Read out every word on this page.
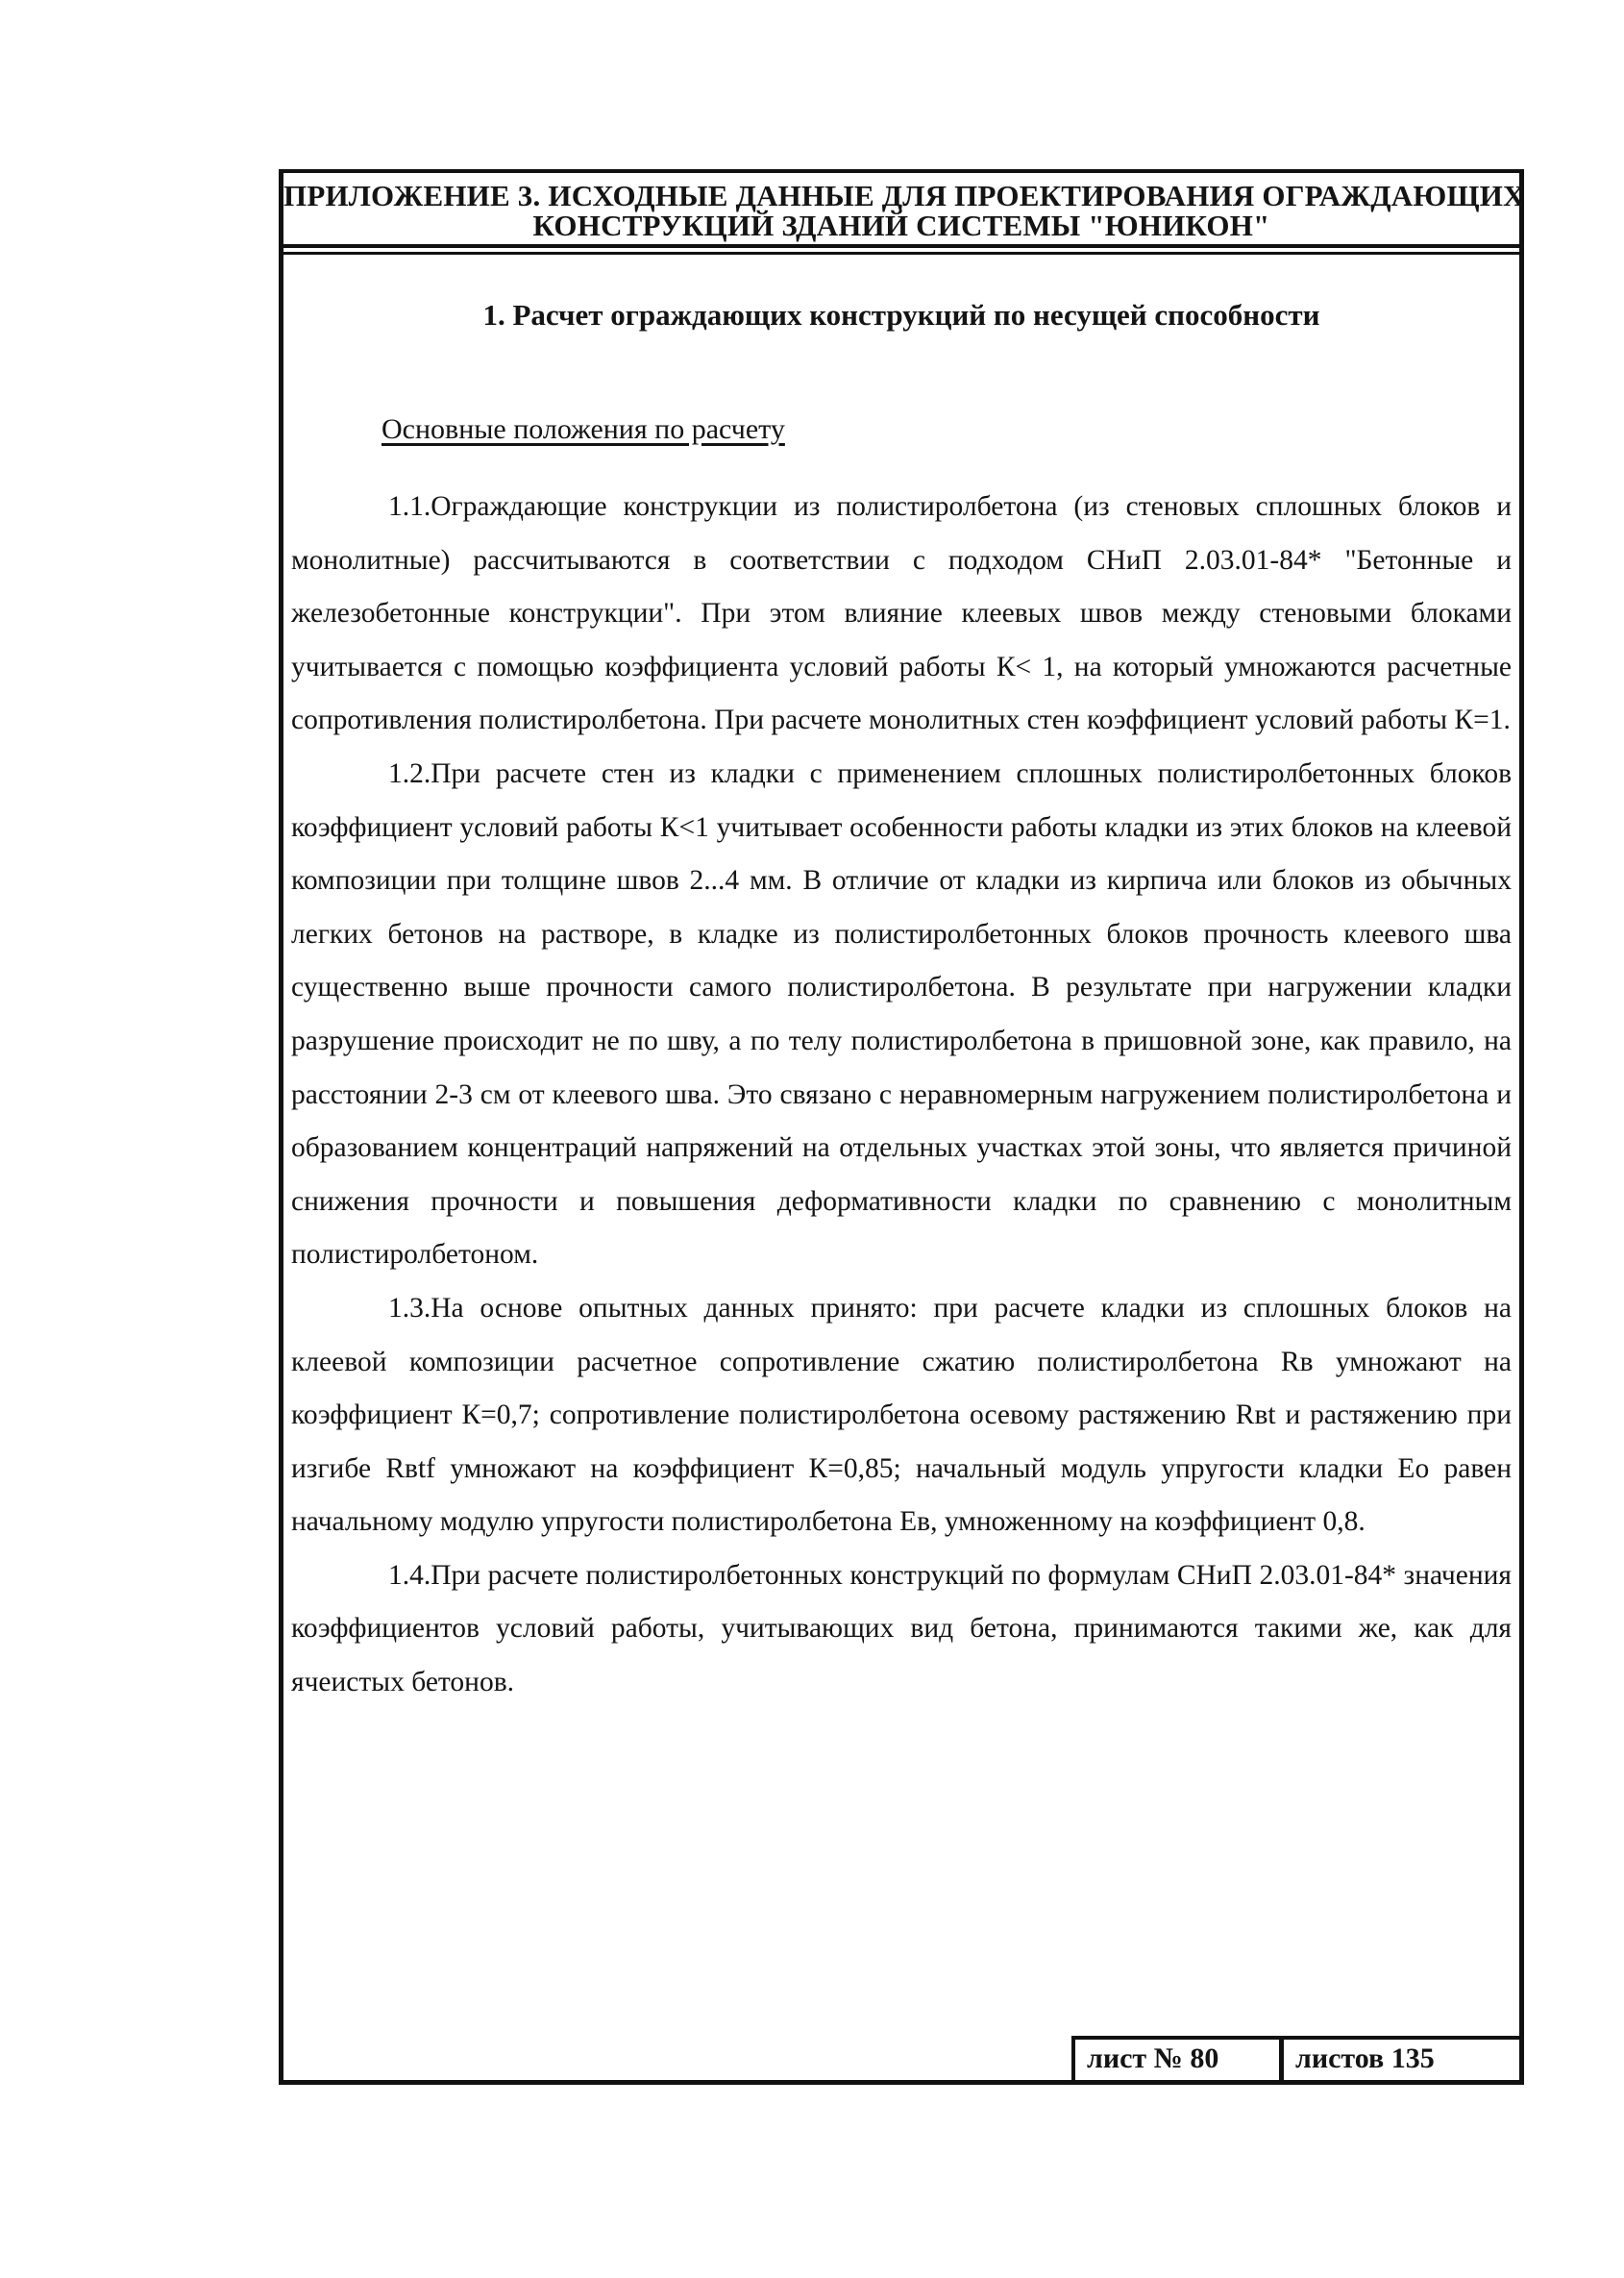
ПРИЛОЖЕНИЕ 3. ИСХОДНЫЕ ДАННЫЕ ДЛЯ ПРОЕКТИРОВАНИЯ ОГРАЖДАЮЩИХ
КОНСТРУКЦИЙ ЗДАНИЙ СИСТЕМЫ "ЮНИКОН"
1. Расчет ограждающих конструкций по несущей способности
Основные положения по расчету

1.1.Ограждающие конструкции из полистиролбетона (из стеновых сплошных блоков и монолитные) рассчитываются в соответствии с подходом СНиП 2.03.01-84* "Бетонные и железобетонные конструкции". При этом влияние клеевых швов между стеновыми блоками учитывается с помощью коэффициента условий работы К< 1, на который умножаются расчетные сопротивления полистиролбетона. При расчете монолитных стен коэффициент условий работы К=1.

1.2.При расчете стен из кладки с применением сплошных полистиролбетонных блоков коэффициент условий работы К<1 учитывает особенности работы кладки из этих блоков на клеевой композиции при толщине швов 2...4 мм. В отличие от кладки из кирпича или блоков из обычных легких бетонов на растворе, в кладке из полистиролбетонных блоков прочность клеевого шва существенно выше прочности самого полистиролбетона. В результате при нагружении кладки разрушение происходит не по шву, а по телу полистиролбетона в пришовной зоне, как правило, на расстоянии 2-3 см от клеевого шва. Это связано с неравномерным нагружением полистиролбетона и образованием концентраций напряжений на отдельных участках этой зоны, что является причиной снижения прочности и повышения деформативности кладки по сравнению с монолитным полистиролбетоном.

1.3.На основе опытных данных принято: при расчете кладки из сплошных блоков на клеевой композиции расчетное сопротивление сжатию полистиролбетона Rв умножают на коэффициент К=0,7; сопротивление полистиролбетона осевому растяжению Rвt и растяжению при изгибе Rвtf умножают на коэффициент К=0,85; начальный модуль упругости кладки Eо равен начальному модулю упругости полистиролбетона Eв, умноженному на коэффициент 0,8.

1.4.При расчете полистиролбетонных конструкций по формулам СНиП 2.03.01-84* значения коэффициентов условий работы, учитывающих вид бетона, принимаются такими же, как для ячеистых бетонов.

лист № 80	листов 135
